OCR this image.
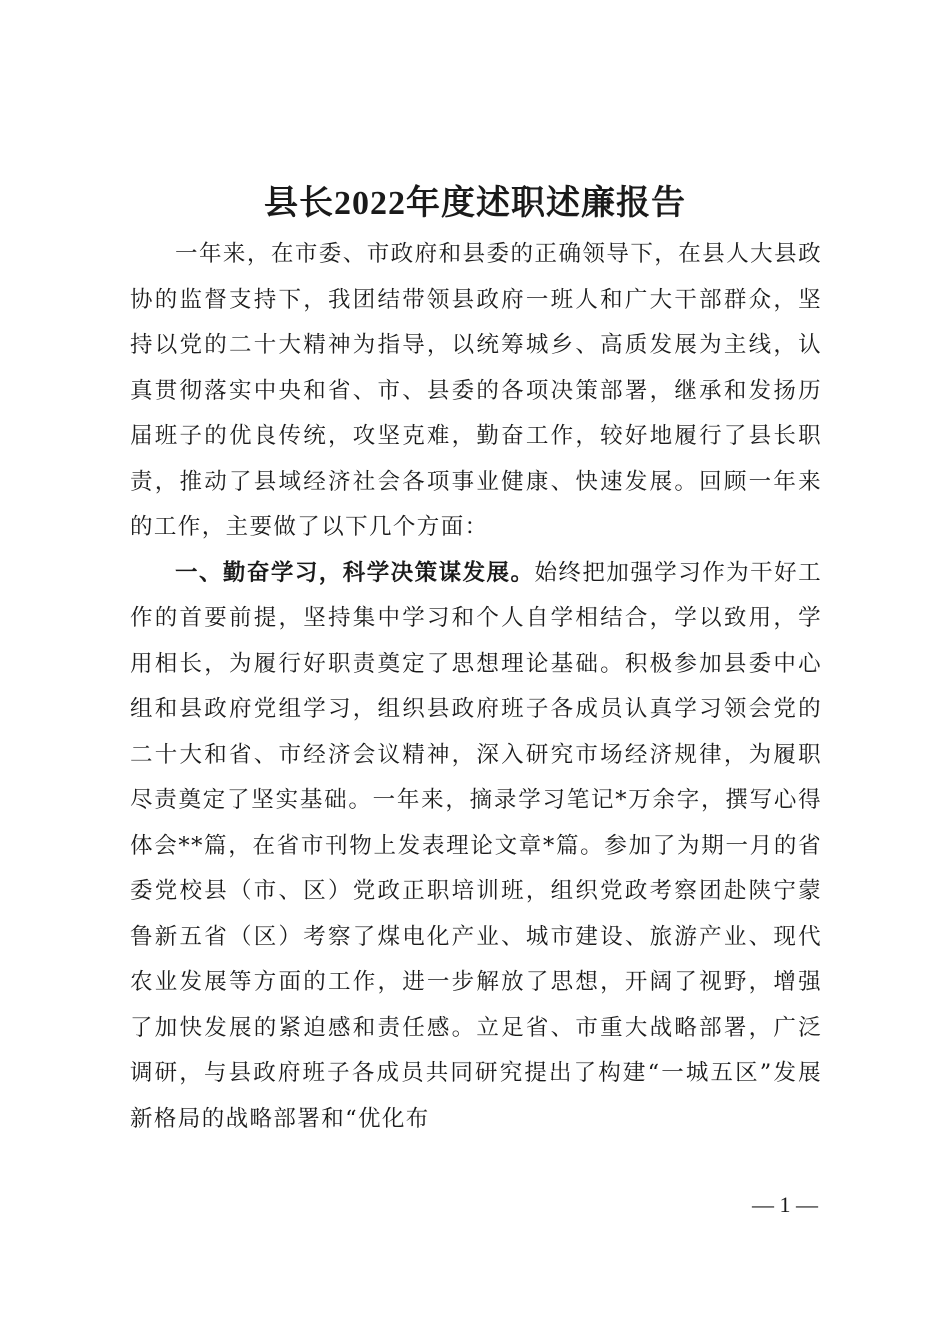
县长2022年度述职述廉报告

一年来，在市委、市政府和县委的正确领导下，在县人大县政协的监督支持下，我团结带领县政府一班人和广大干部群众，坚持以党的二十大精神为指导，以统筹城乡、高质发展为主线，认真贯彻落实中央和省、市、县委的各项决策部署，继承和发扬历届班子的优良传统，攻坚克难，勤奋工作，较好地履行了县长职责，推动了县域经济社会各项事业健康、快速发展。回顾一年来的工作，主要做了以下几个方面：

一、勤奋学习，科学决策谋发展。始终把加强学习作为干好工作的首要前提，坚持集中学习和个人自学相结合，学以致用，学用相长，为履行好职责奠定了思想理论基础。积极参加县委中心组和县政府党组学习，组织县政府班子各成员认真学习领会党的二十大和省、市经济会议精神，深入研究市场经济规律，为履职尽责奠定了坚实基础。一年来，摘录学习笔记*万余字，撰写心得体会**篇，在省市刊物上发表理论文章*篇。参加了为期一月的省委党校县（市、区）党政正职培训班，组织党政考察团赴陕宁蒙鲁新五省（区）考察了煤电化产业、城市建设、旅游产业、现代农业发展等方面的工作，进一步解放了思想，开阔了视野，增强了加快发展的紧迫感和责任感。立足省、市重大战略部署，广泛调研，与县政府班子各成员共同研究提出了构建“一城五区”发展新格局的战略部署和“优化布

— 1 —
